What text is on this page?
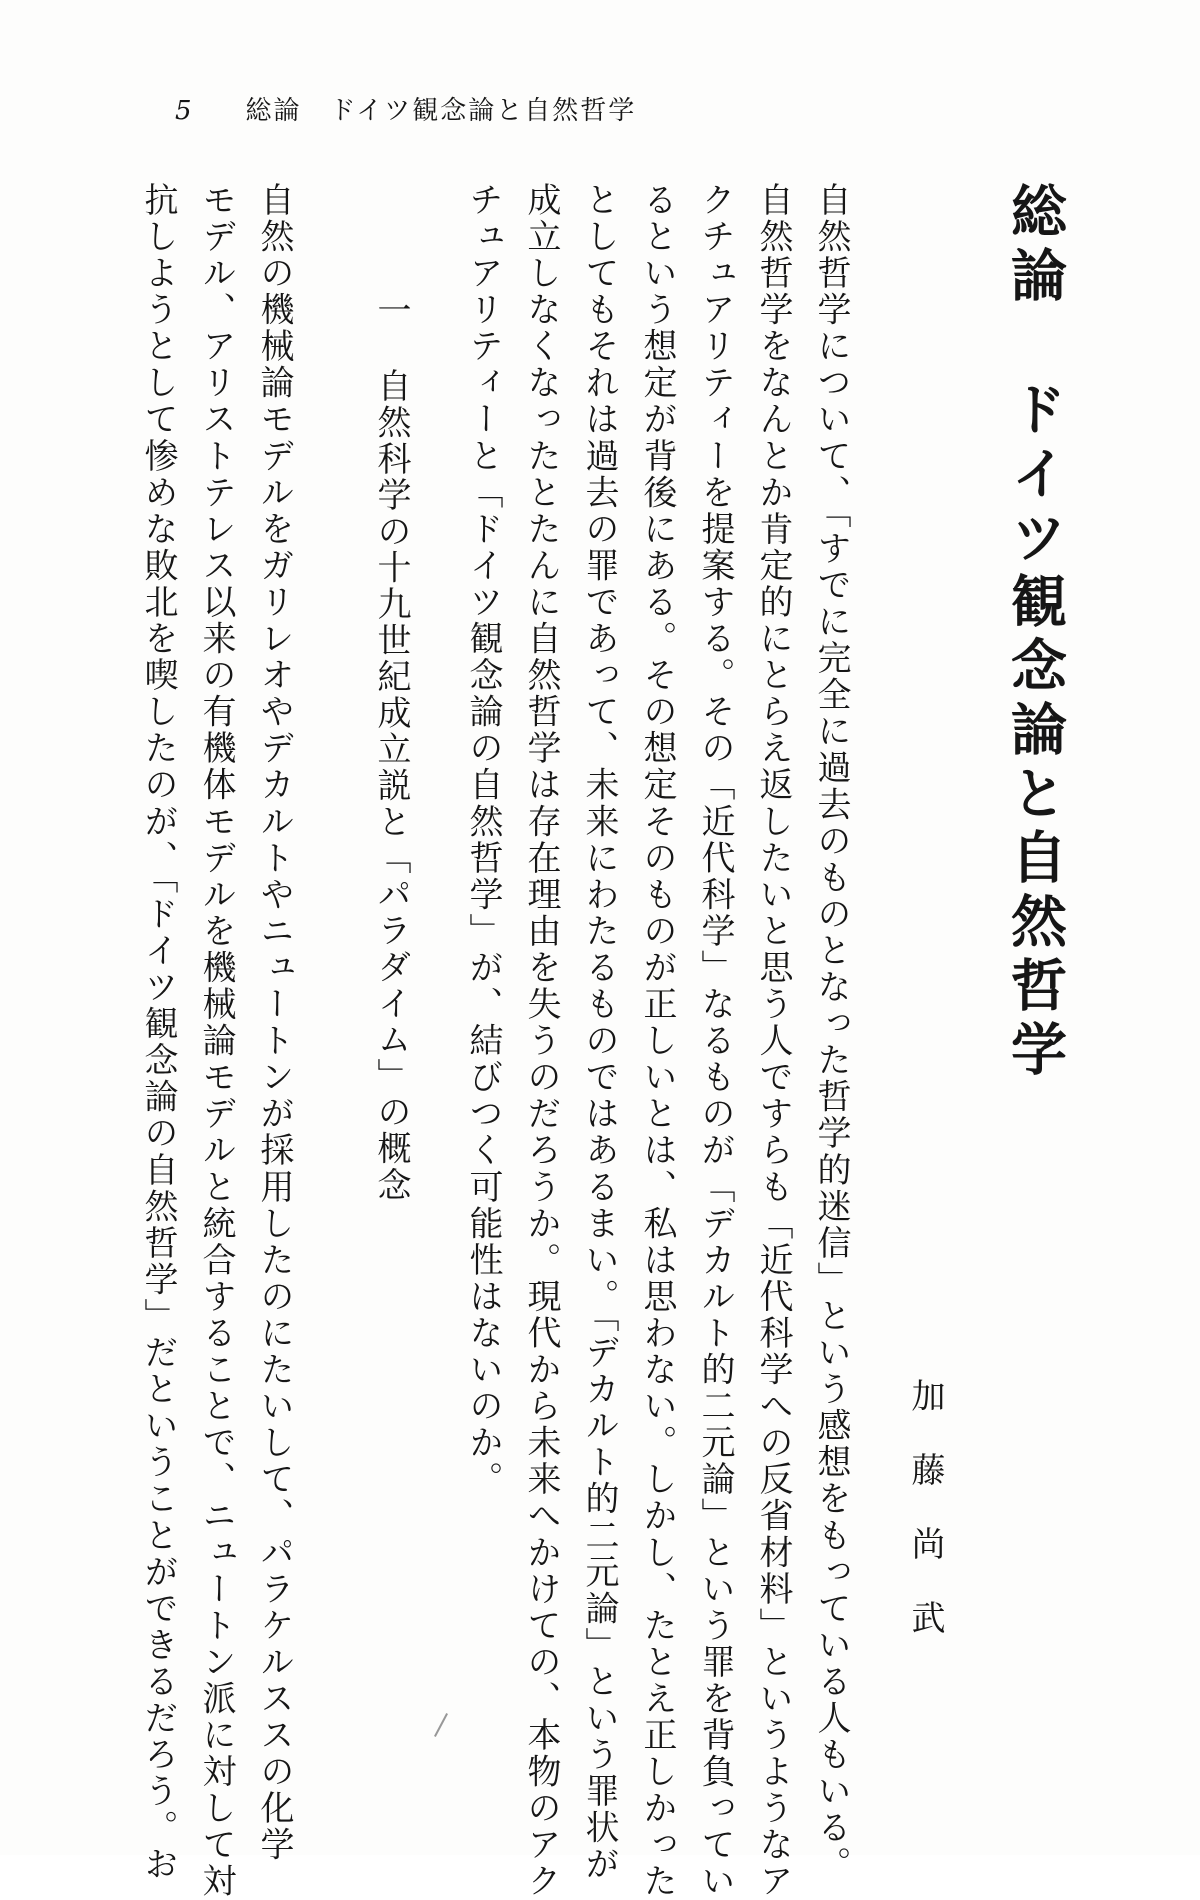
5 総論　ドイツ観念論と自然哲学
総論ドイツ観念論と自然哲学
加藤尚武
自然哲学について、「すでに完全に過去のものとなった哲学的迷信」という感想をもっている人もいる。
自然哲学をなんとか肯定的にとらえ返したいと思う人ですらも「近代科学への反省材料」というようなア
クチュアリティーを提案する。その「近代科学」なるものが「デカルト的二元論」という罪を背負ってい
るという想定が背後にある。その想定そのものが正しいとは、私は思わない。しかし、たとえ正しかった
としてもそれは過去の罪であって、未来にわたるものではあるまい。「デカルト的二元論」という罪状が
成立しなくなったとたんに自然哲学は存在理由を失うのだろうか。現代から未来へかけての、本物のアク
チュアリティーと「ドイツ観念論の自然哲学」が、結びつく可能性はないのか。
一自然科学の十九世紀成立説と「パラダイム」の概念
自然の機械論モデルをガリレオやデカルトやニュートンが採用したのにたいして、パラケルススの化学
モデル、アリストテレス以来の有機体モデルを機械論モデルと統合することで、ニュートン派に対して対
抗しようとして惨めな敗北を喫したのが、「ドイツ観念論の自然哲学」だということができるだろう。お
